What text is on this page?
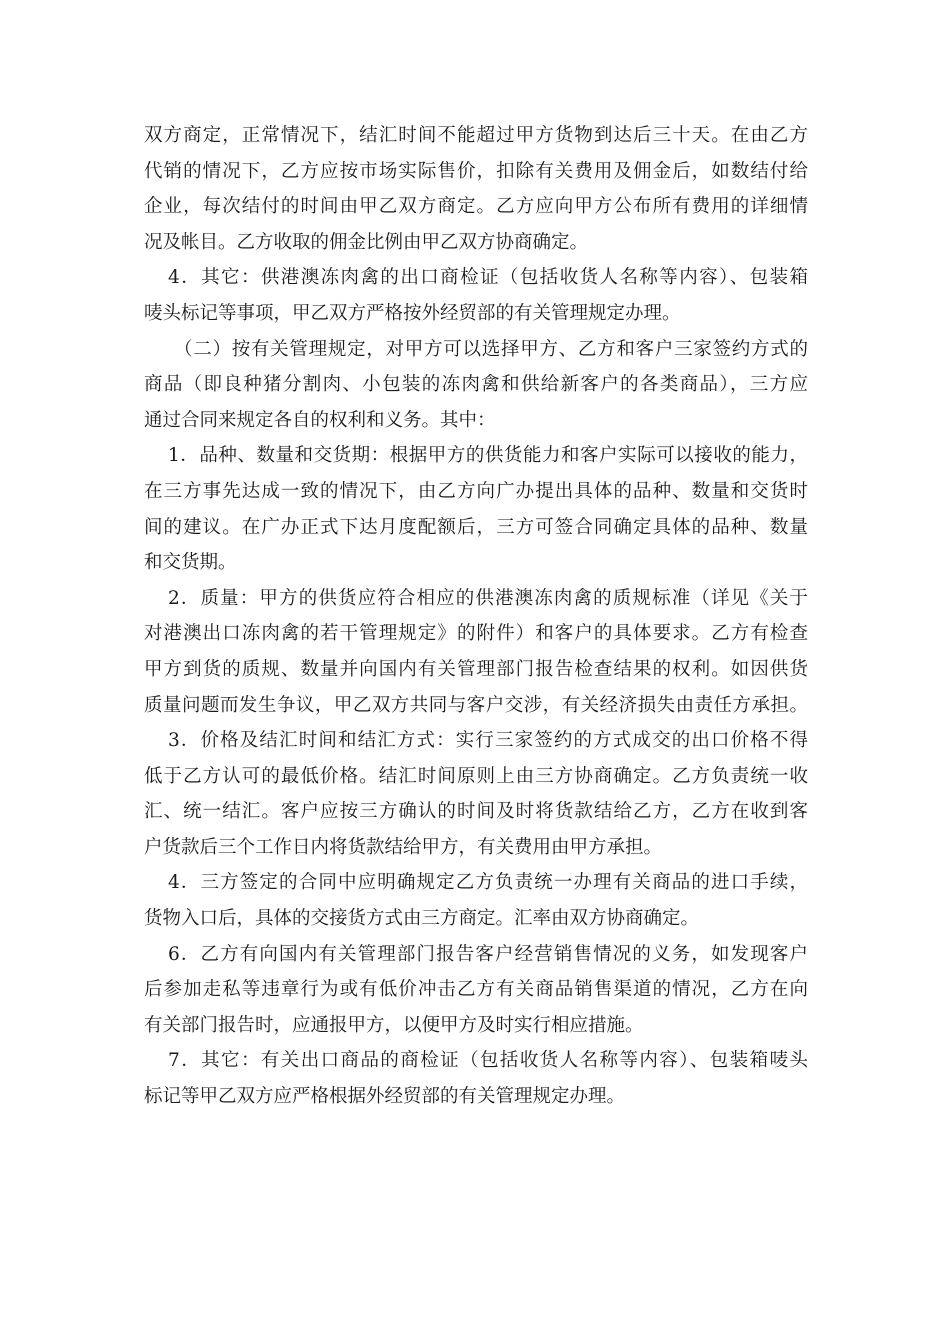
双方商定，正常情况下，结汇时间不能超过甲方货物到达后三十天。在由乙方
代销的情况下，乙方应按市场实际售价，扣除有关费用及佣金后，如数结付给
企业，每次结付的时间由甲乙双方商定。乙方应向甲方公布所有费用的详细情
况及帐目。乙方收取的佣金比例由甲乙双方协商确定。
4．其它：供港澳冻肉禽的出口商检证（包括收货人名称等内容）、包装箱
唛头标记等事项，甲乙双方严格按外经贸部的有关管理规定办理。
（二）按有关管理规定，对甲方可以选择甲方、乙方和客户三家签约方式的
商品（即良种猪分割肉、小包装的冻肉禽和供给新客户的各类商品），三方应
通过合同来规定各自的权利和义务。其中：
1．品种、数量和交货期：根据甲方的供货能力和客户实际可以接收的能力，
在三方事先达成一致的情况下，由乙方向广办提出具体的品种、数量和交货时
间的建议。在广办正式下达月度配额后，三方可签合同确定具体的品种、数量
和交货期。
2．质量：甲方的供货应符合相应的供港澳冻肉禽的质规标准（详见《关于
对港澳出口冻肉禽的若干管理规定》的附件）和客户的具体要求。乙方有检查
甲方到货的质规、数量并向国内有关管理部门报告检查结果的权利。如因供货
质量问题而发生争议，甲乙双方共同与客户交涉，有关经济损失由责任方承担。
3．价格及结汇时间和结汇方式：实行三家签约的方式成交的出口价格不得
低于乙方认可的最低价格。结汇时间原则上由三方协商确定。乙方负责统一收
汇、统一结汇。客户应按三方确认的时间及时将货款结给乙方，乙方在收到客
户货款后三个工作日内将货款结给甲方，有关费用由甲方承担。
4．三方签定的合同中应明确规定乙方负责统一办理有关商品的进口手续，
货物入口后，具体的交接货方式由三方商定。汇率由双方协商确定。
6．乙方有向国内有关管理部门报告客户经营销售情况的义务，如发现客户
后参加走私等违章行为或有低价冲击乙方有关商品销售渠道的情况，乙方在向
有关部门报告时，应通报甲方，以便甲方及时实行相应措施。
7．其它：有关出口商品的商检证（包括收货人名称等内容）、包装箱唛头
标记等甲乙双方应严格根据外经贸部的有关管理规定办理。
